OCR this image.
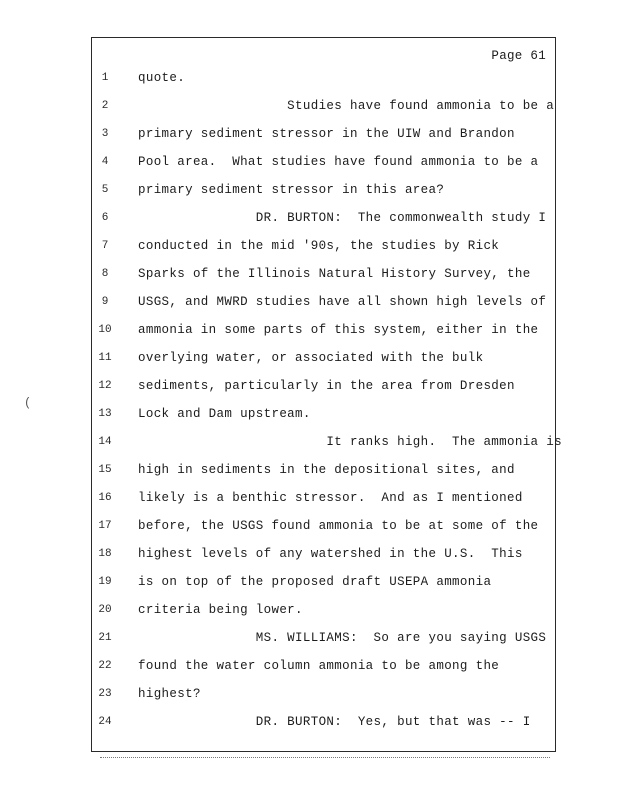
Page 61
1	quote.
2	Studies have found ammonia to be a
3	primary sediment stressor in the UIW and Brandon
4	Pool area.  What studies have found ammonia to be a
5	primary sediment stressor in this area?
6	DR. BURTON:  The commonwealth study I
7	conducted in the mid '90s, the studies by Rick
8	Sparks of the Illinois Natural History Survey, the
9	USGS, and MWRD studies have all shown high levels of
10 ammonia in some parts of this system, either in the
11 overlying water, or associated with the bulk
12 sediments, particularly in the area from Dresden
13 Lock and Dam upstream.
14 It ranks high.  The ammonia is
15 high in sediments in the depositional sites, and
16 likely is a benthic stressor.  And as I mentioned
17 before, the USGS found ammonia to be at some of the
18 highest levels of any watershed in the U.S.  This
19 is on top of the proposed draft USEPA ammonia
20 criteria being lower.
21 MS. WILLIAMS:  So are you saying USGS
22 found the water column ammonia to be among the
23 highest?
24 DR. BURTON:  Yes, but that was -- I
(
